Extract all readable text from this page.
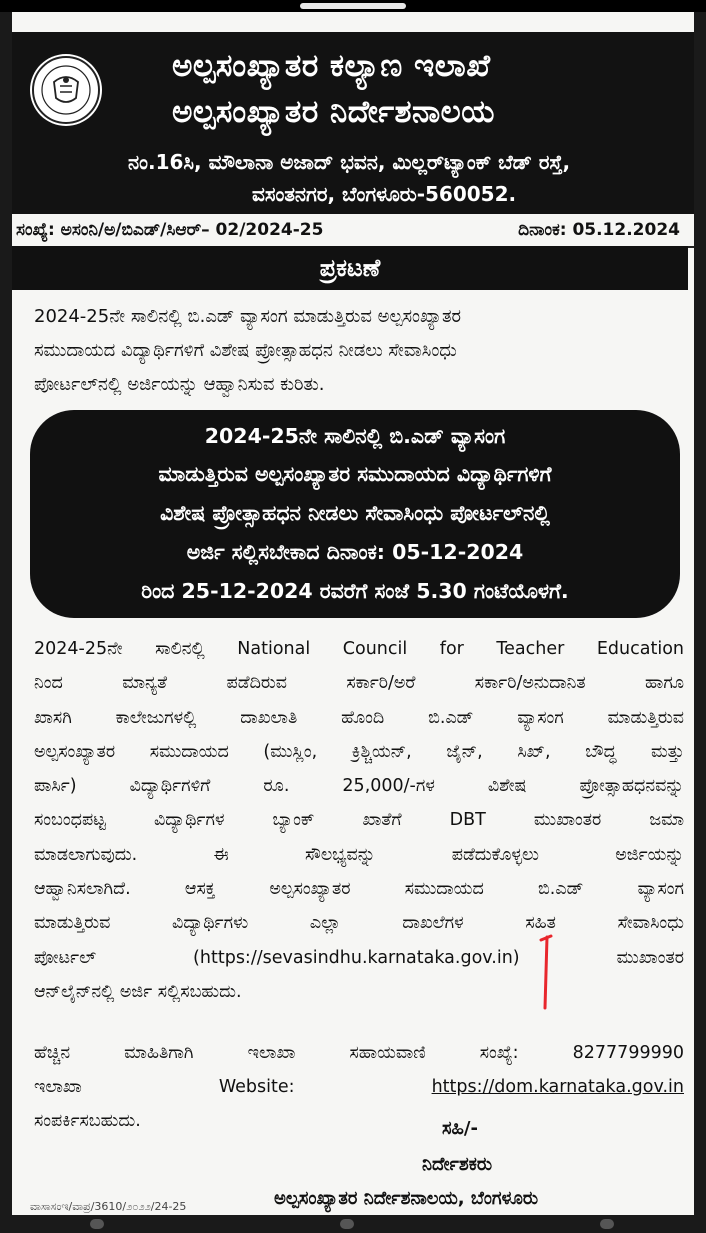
ಅಲ್ಪಸಂಖ್ಯಾತರ ಕಲ್ಯಾಣ ಇಲಾಖೆ
ಅಲ್ಪಸಂಖ್ಯಾತರ ನಿರ್ದೇಶನಾಲಯ
ನಂ.16ಸಿ, ಮೌಲಾನಾ ಅಜಾದ್ ಭವನ, ಮಿಲ್ಲರ್‌ಟ್ಯಾಂಕ್ ಬೆಡ್ ರಸ್ತೆ,
ವಸಂತನಗರ, ಬೆಂಗಳೂರು-560052.
ಸಂಖ್ಯೆ: ಅಸಂನಿ/ಅ/ಬಿಎಡ್/ಸಿಆರ್– 02/2024-25	ದಿನಾಂಕ: 05.12.2024
ಪ್ರಕಟಣೆ
2024-25ನೇ ಸಾಲಿನಲ್ಲಿ ಬಿ.ಎಡ್ ವ್ಯಾಸಂಗ ಮಾಡುತ್ತಿರುವ ಅಲ್ಪಸಂಖ್ಯಾತರ
ಸಮುದಾಯದ ವಿದ್ಯಾರ್ಥಿಗಳಿಗೆ ವಿಶೇಷ ಪ್ರೋತ್ಸಾಹಧನ ನೀಡಲು ಸೇವಾಸಿಂಧು
ಪೋರ್ಟಲ್‌ನಲ್ಲಿ ಅರ್ಜಿಯನ್ನು ಆಹ್ವಾನಿಸುವ ಕುರಿತು.
2024-25ನೇ ಸಾಲಿನಲ್ಲಿ ಬಿ.ಎಡ್ ವ್ಯಾಸಂಗ
ಮಾಡುತ್ತಿರುವ ಅಲ್ಪಸಂಖ್ಯಾತರ ಸಮುದಾಯದ ವಿದ್ಯಾರ್ಥಿಗಳಿಗೆ
ವಿಶೇಷ ಪ್ರೋತ್ಸಾಹಧನ ನೀಡಲು ಸೇವಾಸಿಂಧು ಪೋರ್ಟಲ್‌ನಲ್ಲಿ
ಅರ್ಜಿ ಸಲ್ಲಿಸಬೇಕಾದ ದಿನಾಂಕ: 05-12-2024
ರಿಂದ 25-12-2024 ರವರೆಗೆ ಸಂಜೆ 5.30 ಗಂಟೆಯೊಳಗೆ.
2024-25ನೇ ಸಾಲಿನಲ್ಲಿ National Council for Teacher Education
ನಿಂದ ಮಾನ್ಯತೆ ಪಡೆದಿರುವ ಸರ್ಕಾರಿ/ಅರೆ ಸರ್ಕಾರಿ/ಅನುದಾನಿತ ಹಾಗೂ
ಖಾಸಗಿ ಕಾಲೇಜುಗಳಲ್ಲಿ ದಾಖಲಾತಿ ಹೊಂದಿ ಬಿ.ಎಡ್ ವ್ಯಾಸಂಗ ಮಾಡುತ್ತಿರುವ
ಅಲ್ಪಸಂಖ್ಯಾತರ ಸಮುದಾಯದ (ಮುಸ್ಲಿಂ, ಕ್ರಿಶ್ಚಿಯನ್, ಜೈನ್, ಸಿಖ್, ಬೌದ್ಧ ಮತ್ತು
ಪಾರ್ಸಿ) ವಿದ್ಯಾರ್ಥಿಗಳಿಗೆ ರೂ. 25,000/-ಗಳ ವಿಶೇಷ ಪ್ರೋತ್ಸಾಹಧನವನ್ನು
ಸಂಬಂಧಪಟ್ಟ ವಿದ್ಯಾರ್ಥಿಗಳ ಬ್ಯಾಂಕ್ ಖಾತೆಗೆ DBT ಮುಖಾಂತರ ಜಮಾ
ಮಾಡಲಾಗುವುದು. ಈ ಸೌಲಭ್ಯವನ್ನು ಪಡೆದುಕೊಳ್ಳಲು ಅರ್ಜಿಯನ್ನು
ಆಹ್ವಾನಿಸಲಾಗಿದೆ. ಆಸಕ್ತ ಅಲ್ಪಸಂಖ್ಯಾತರ ಸಮುದಾಯದ ಬಿ.ಎಡ್ ವ್ಯಾಸಂಗ
ಮಾಡುತ್ತಿರುವ ವಿದ್ಯಾರ್ಥಿಗಳು ಎಲ್ಲಾ ದಾಖಲೆಗಳ ಸಹಿತ ಸೇವಾಸಿಂಧು
ಪೋರ್ಟಲ್ (https://sevasindhu.karnataka.gov.in) ಮುಖಾಂತರ
ಆನ್‌ಲೈನ್‌ನಲ್ಲಿ ಅರ್ಜಿ ಸಲ್ಲಿಸಬಹುದು.
ಹೆಚ್ಚಿನ ಮಾಹಿತಿಗಾಗಿ ಇಲಾಖಾ ಸಹಾಯವಾಣಿ ಸಂಖ್ಯೆ: 8277799990
ಇಲಾಖಾ Website:	https://dom.karnataka.gov.in
ಸಂಪರ್ಕಿಸಬಹುದು.	ಸಹಿ/-
ನಿರ್ದೇಶಕರು
ಅಲ್ಪಸಂಖ್ಯಾತರ ನಿರ್ದೇಶನಾಲಯ, ಬೆಂಗಳೂರು
ವಾಸಾಸಂಇ/ವಾಪ್ರ/3610/೨೦೨೨/24-25
